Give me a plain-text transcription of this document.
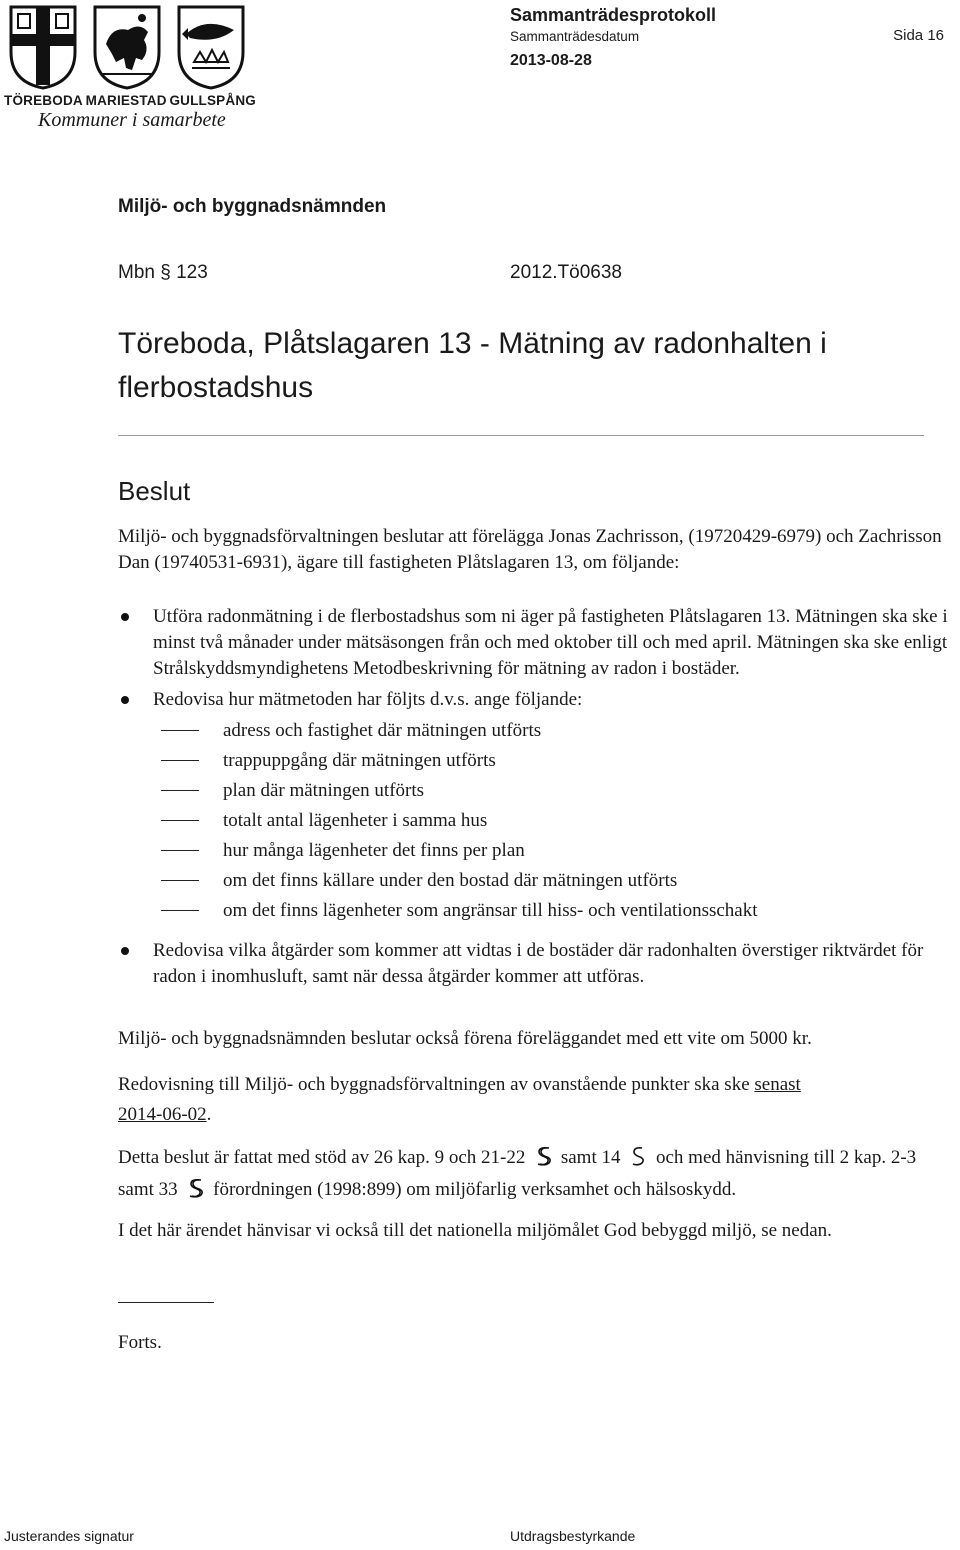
TÖREBODA MARIESTAD GULLSPÅNG
Kommuner i samarbete
Sammanträdesprotokoll
Sammanträdesdatum	Sida 16
2013-08-28
Miljö- och byggnadsnämnden
Mbn § 123	2012.Tö0638
Töreboda, Plåtslagaren 13 - Mätning av radonhalten i flerbostadshus
Beslut
Miljö- och byggnadsförvaltningen beslutar att förelägga Jonas Zachrisson, (19720429-6979) och Zachrisson Dan (19740531-6931), ägare till fastigheten Plåtslagaren 13, om följande:
Utföra radonmätning i de flerbostadshus som ni äger på fastigheten Plåtslagaren 13. Mätningen ska ske i minst två månader under mätsäsongen från och med oktober till och med april. Mätningen ska ske enligt Strålskyddsmyndighetens Metodbeskrivning för mätning av radon i bostäder.
Redovisa hur mätmetoden har följts d.v.s. ange följande:
adress och fastighet där mätningen utförts
trappuppgång där mätningen utförts
plan där mätningen utförts
totalt antal lägenheter i samma hus
hur många lägenheter det finns per plan
om det finns källare under den bostad där mätningen utförts
om det finns lägenheter som angränsar till hiss- och ventilationsschakt
Redovisa vilka åtgärder som kommer att vidtas i de bostäder där radonhalten överstiger riktvärdet för radon i inomhusluft, samt när dessa åtgärder kommer att utföras.
Miljö- och byggnadsnämnden beslutar också förena föreläggandet med ett vite om 5000 kr.
Redovisning till Miljö- och byggnadsförvaltningen av ovanstående punkter ska ske senast
2014-06-02.
Detta beslut är fattat med stöd av 26 kap. 9 och 21-22 samt 14 och med hänvisning till 2 kap. 2-3 samt 33 förordningen (1998:899) om miljöfarlig verksamhet och hälsoskydd.
I det här ärendet hänvisar vi också till det nationella miljömålet God bebyggd miljö, se nedan.
Forts.
Justerandes signatur	Utdragsbestyrkande
